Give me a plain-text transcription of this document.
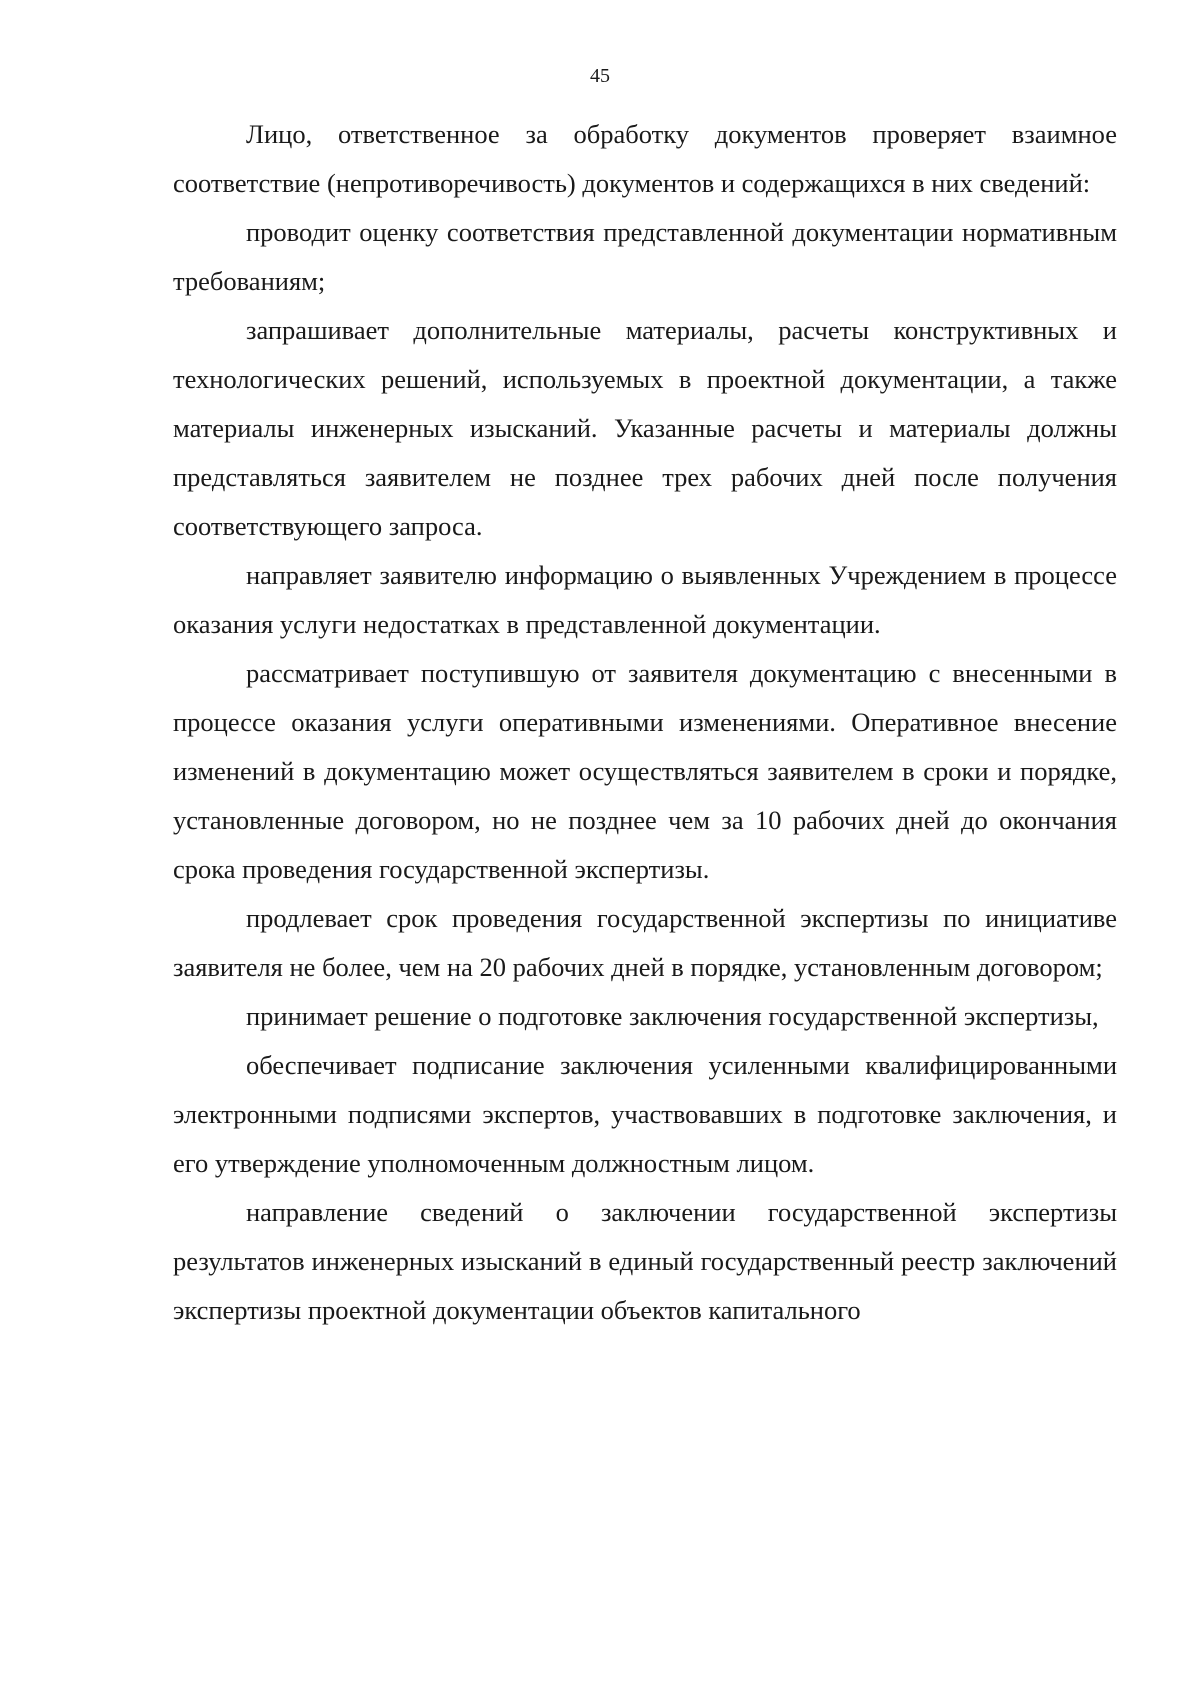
45

Лицо, ответственное за обработку документов проверяет взаимное соответствие (непротиворечивость) документов и содержащихся в них сведений:

проводит оценку соответствия представленной документации нормативным требованиям;

запрашивает дополнительные материалы, расчеты конструктивных и технологических решений, используемых в проектной документации, а также материалы инженерных изысканий. Указанные расчеты и материалы должны представляться заявителем не позднее трех рабочих дней после получения соответствующего запроса.

направляет заявителю информацию о выявленных Учреждением в процессе оказания услуги недостатках в представленной документации.

рассматривает поступившую от заявителя документацию с внесенными в процессе оказания услуги оперативными изменениями. Оперативное внесение изменений в документацию может осуществляться заявителем в сроки и порядке, установленные договором, но не позднее чем за 10 рабочих дней до окончания срока проведения государственной экспертизы.

продлевает срок проведения государственной экспертизы по инициативе заявителя не более, чем на 20 рабочих дней в порядке, установленным договором;

принимает решение о подготовке заключения государственной экспертизы,

обеспечивает подписание заключения усиленными квалифицированными электронными подписями экспертов, участвовавших в подготовке заключения, и его утверждение уполномоченным должностным лицом.

направление сведений о заключении государственной экспертизы результатов инженерных изысканий в единый государственный реестр заключений экспертизы проектной документации объектов капитального
